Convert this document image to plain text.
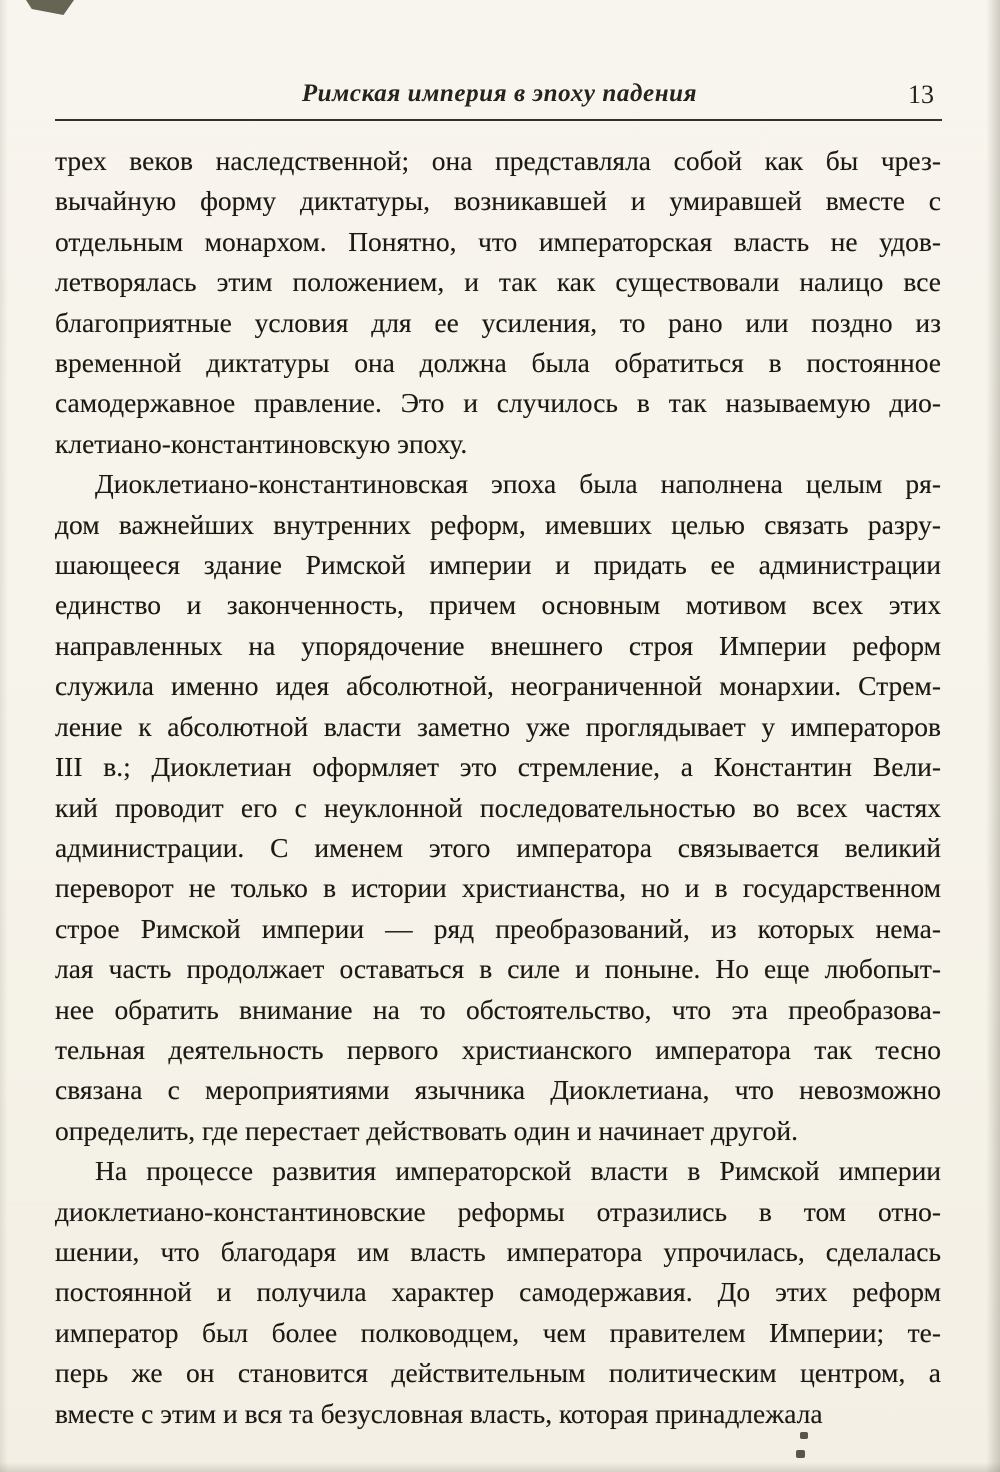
Римская империя в эпоху падения	13
трех веков наследственной; она представляла собой как бы чрез-
вычайную форму диктатуры, возникавшей и умиравшей вместе с
отдельным монархом. Понятно, что императорская власть не удов-
летворялась этим положением, и так как существовали налицо все
благоприятные условия для ее усиления, то рано или поздно из
временной диктатуры она должна была обратиться в постоянное
самодержавное правление. Это и случилось в так называемую дио-
клетиано-константиновскую эпоху.
Диоклетиано-константиновская эпоха была наполнена целым ря-
дом важнейших внутренних реформ, имевших целью связать разру-
шающееся здание Римской империи и придать ее администрации
единство и законченность, причем основным мотивом всех этих
направленных на упорядочение внешнего строя Империи реформ
служила именно идея абсолютной, неограниченной монархии. Стрем-
ление к абсолютной власти заметно уже проглядывает у императоров
III в.; Диоклетиан оформляет это стремление, а Константин Вели-
кий проводит его с неуклонной последовательностью во всех частях
администрации. С именем этого императора связывается великий
переворот не только в истории христианства, но и в государственном
строе Римской империи — ряд преобразований, из которых нема-
лая часть продолжает оставаться в силе и поныне. Но еще любопыт-
нее обратить внимание на то обстоятельство, что эта преобразова-
тельная деятельность первого христианского императора так тесно
связана с мероприятиями язычника Диоклетиана, что невозможно
определить, где перестает действовать один и начинает другой.
На процессе развития императорской власти в Римской империи
диоклетиано-константиновские реформы отразились в том отно-
шении, что благодаря им власть императора упрочилась, сделалась
постоянной и получила характер самодержавия. До этих реформ
император был более полководцем, чем правителем Империи; те-
перь же он становится действительным политическим центром, а
вместе с этим и вся та безусловная власть, которая принадлежала
